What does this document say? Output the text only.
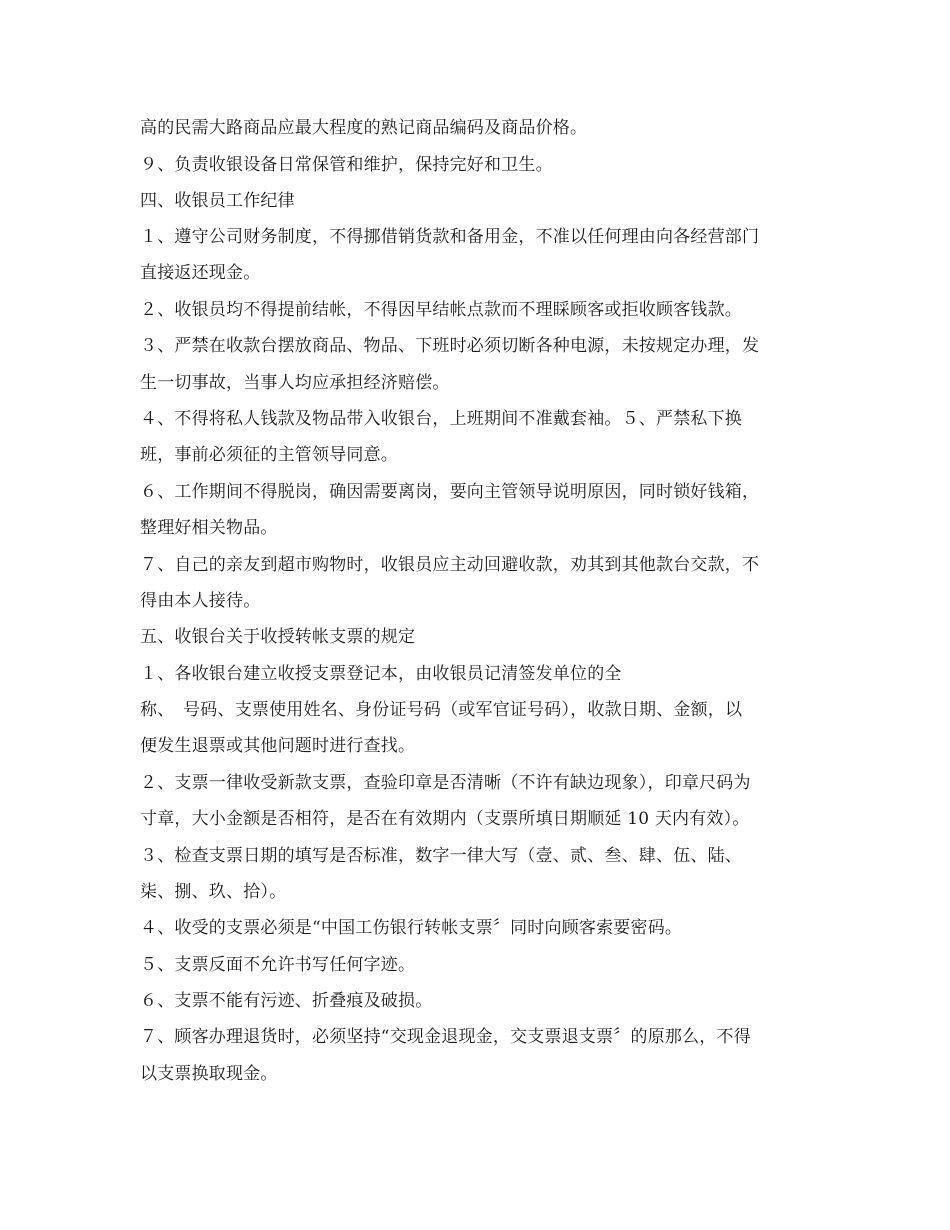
高的民需大路商品应最大程度的熟记商品编码及商品价格。
９、负责收银设备日常保管和维护，保持完好和卫生。
四、收银员工作纪律
１、遵守公司财务制度，不得挪借销货款和备用金，不准以任何理由向各经营部门
直接返还现金。
２、收银员均不得提前结帐，不得因早结帐点款而不理睬顾客或拒收顾客钱款。
３、严禁在收款台摆放商品、物品、下班时必须切断各种电源，未按规定办理，发
生一切事故，当事人均应承担经济赔偿。
４、不得将私人钱款及物品带入收银台，上班期间不准戴套袖。５、严禁私下换
班，事前必须征的主管领导同意。
６、工作期间不得脱岗，确因需要离岗，要向主管领导说明原因，同时锁好钱箱，
整理好相关物品。
７、自己的亲友到超市购物时，收银员应主动回避收款，劝其到其他款台交款，不
得由本人接待。
五、收银台关于收授转帐支票的规定
１、各收银台建立收授支票登记本，由收银员记清签发单位的全
称、　号码、支票使用姓名、身份证号码（或军官证号码），收款日期、金额，以
便发生退票或其他问题时进行查找。
２、支票一律收受新款支票，查验印章是否清晰（不许有缺边现象），印章尺码为
寸章，大小金额是否相符，是否在有效期内（支票所填日期顺延 10 天内有效）。
３、检查支票日期的填写是否标准，数字一律大写（壹、贰、叁、肆、伍、陆、
柒、捌、玖、拾）。
４、收受的支票必须是“中国工伤银行转帐支票〞同时向顾客索要密码。
５、支票反面不允许书写任何字迹。
６、支票不能有污迹、折叠痕及破损。
７、顾客办理退货时，必须坚持“交现金退现金，交支票退支票〞的原那么，不得
以支票换取现金。
